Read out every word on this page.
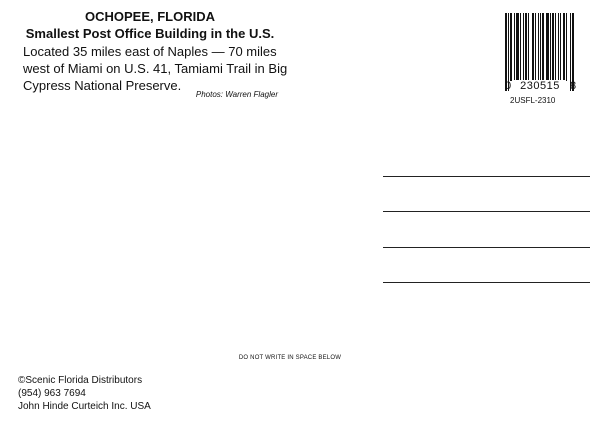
OCHOPEE, FLORIDA
Smallest Post Office Building in the U.S.
Located 35 miles east of Naples — 70 miles west of Miami on U.S. 41, Tamiami Trail in Big Cypress National Preserve.
Photos: Warren Flagler
0 230515 8
2USFL-2310
DO NOT WRITE IN SPACE BELOW
©Scenic Florida Distributors
(954) 963 7694
John Hinde Curteich Inc. USA
